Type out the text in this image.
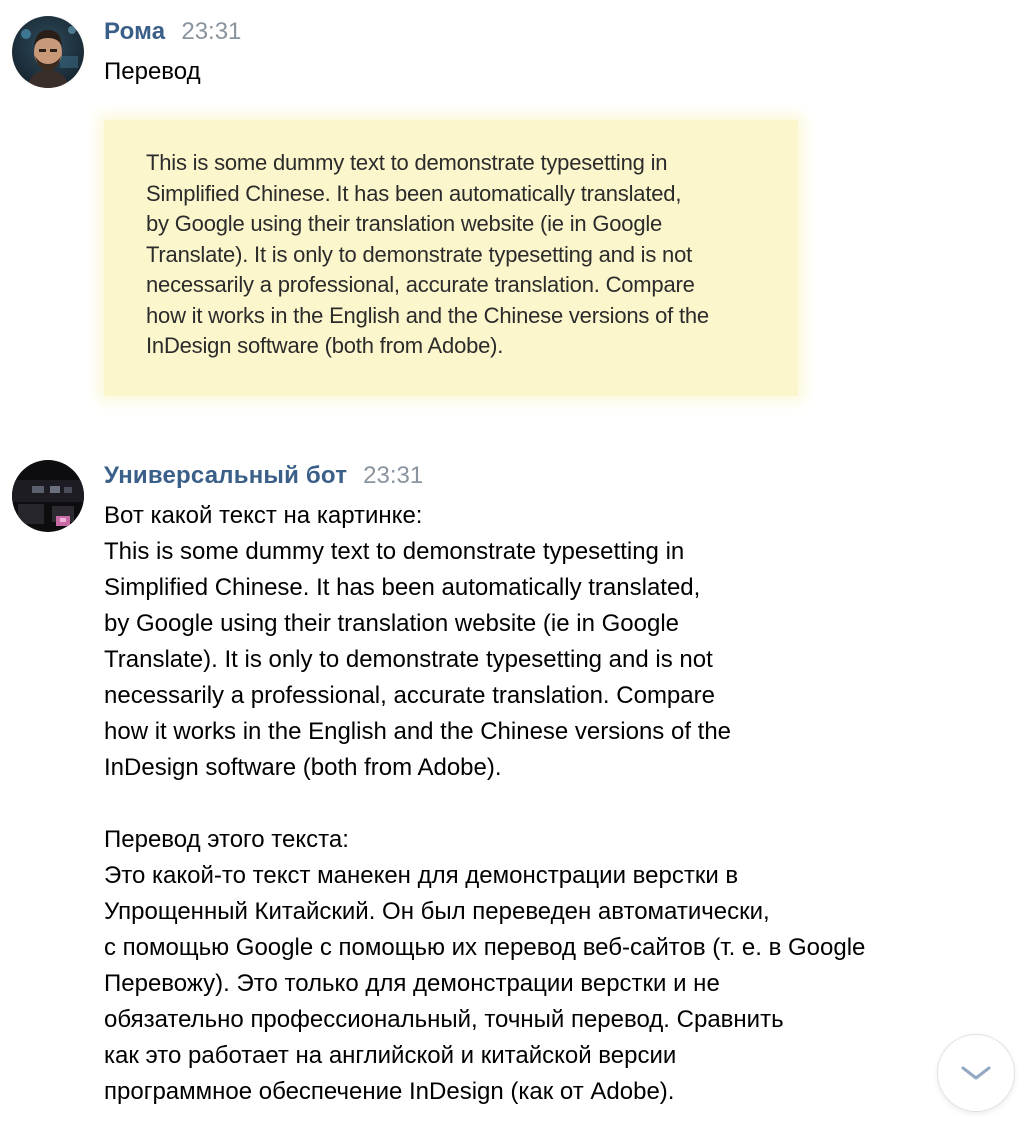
Рома 23:31
Перевод
This is some dummy text to demonstrate typesetting in
Simplified Chinese. It has been automatically translated,
by Google using their translation website (ie in Google
Translate). It is only to demonstrate typesetting and is not
necessarily a professional, accurate translation. Compare
how it works in the English and the Chinese versions of the
InDesign software (both from Adobe).
Универсальный бот 23:31
Вот какой текст на картинке:
This is some dummy text to demonstrate typesetting in
Simplified Chinese. It has been automatically translated,
by Google using their translation website (ie in Google
Translate). It is only to demonstrate typesetting and is not
necessarily a professional, accurate translation. Compare
how it works in the English and the Chinese versions of the
InDesign software (both from Adobe).
Перевод этого текста:
Это какой-то текст манекен для демонстрации верстки в
Упрощенный Китайский. Он был переведен автоматически,
с помощью Google с помощью их перевод веб-сайтов (т. е. в Google
Перевожу). Это только для демонстрации верстки и не
обязательно профессиональный, точный перевод. Сравнить
как это работает на английской и китайской версии
программное обеспечение InDesign (как от Adobe).
